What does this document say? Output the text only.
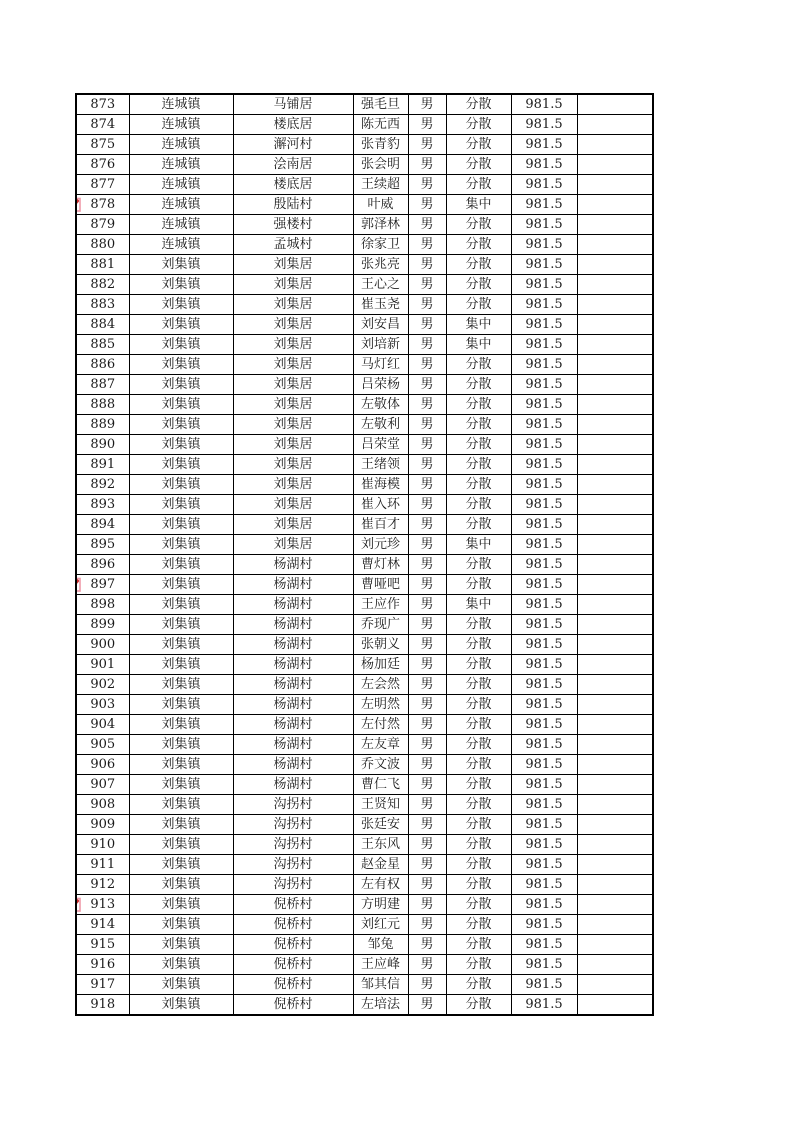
873	连城镇	马铺居	强毛旦	男	分散	981.5	
874	连城镇	楼底居	陈无西	男	分散	981.5	
875	连城镇	澥河村	张青豹	男	分散	981.5	
876	连城镇	浍南居	张会明	男	分散	981.5	
877	连城镇	楼底居	王续超	男	分散	981.5	

878	连城镇	殷陆村	叶威	男	集中	981.5	
879	连城镇	强楼村	郭泽林	男	分散	981.5	
880	连城镇	孟城村	徐家卫	男	分散	981.5	
881	刘集镇	刘集居	张兆亮	男	分散	981.5	
882	刘集镇	刘集居	王心之	男	分散	981.5	
883	刘集镇	刘集居	崔玉尧	男	分散	981.5	
884	刘集镇	刘集居	刘安昌	男	集中	981.5	
885	刘集镇	刘集居	刘培新	男	集中	981.5	
886	刘集镇	刘集居	马灯红	男	分散	981.5	
887	刘集镇	刘集居	吕荣杨	男	分散	981.5	
888	刘集镇	刘集居	左敬体	男	分散	981.5	
889	刘集镇	刘集居	左敬利	男	分散	981.5	
890	刘集镇	刘集居	吕荣堂	男	分散	981.5	
891	刘集镇	刘集居	王绪领	男	分散	981.5	
892	刘集镇	刘集居	崔海模	男	分散	981.5	
893	刘集镇	刘集居	崔入环	男	分散	981.5	
894	刘集镇	刘集居	崔百才	男	分散	981.5	
895	刘集镇	刘集居	刘元珍	男	集中	981.5	
896	刘集镇	杨湖村	曹灯林	男	分散	981.5	

897	刘集镇	杨湖村	曹哑吧	男	分散	981.5	
898	刘集镇	杨湖村	王应作	男	集中	981.5	
899	刘集镇	杨湖村	乔现广	男	分散	981.5	
900	刘集镇	杨湖村	张朝义	男	分散	981.5	
901	刘集镇	杨湖村	杨加廷	男	分散	981.5	
902	刘集镇	杨湖村	左会然	男	分散	981.5	
903	刘集镇	杨湖村	左明然	男	分散	981.5	
904	刘集镇	杨湖村	左付然	男	分散	981.5	
905	刘集镇	杨湖村	左友章	男	分散	981.5	
906	刘集镇	杨湖村	乔文波	男	分散	981.5	
907	刘集镇	杨湖村	曹仁飞	男	分散	981.5	
908	刘集镇	沟拐村	王贤知	男	分散	981.5	
909	刘集镇	沟拐村	张廷安	男	分散	981.5	
910	刘集镇	沟拐村	王东风	男	分散	981.5	
911	刘集镇	沟拐村	赵金星	男	分散	981.5	
912	刘集镇	沟拐村	左有权	男	分散	981.5	

913	刘集镇	倪桥村	方明建	男	分散	981.5	
914	刘集镇	倪桥村	刘红元	男	分散	981.5	
915	刘集镇	倪桥村	邹兔	男	分散	981.5	
916	刘集镇	倪桥村	王应峰	男	分散	981.5	
917	刘集镇	倪桥村	邹其信	男	分散	981.5	
918	刘集镇	倪桥村	左培法	男	分散	981.5	
